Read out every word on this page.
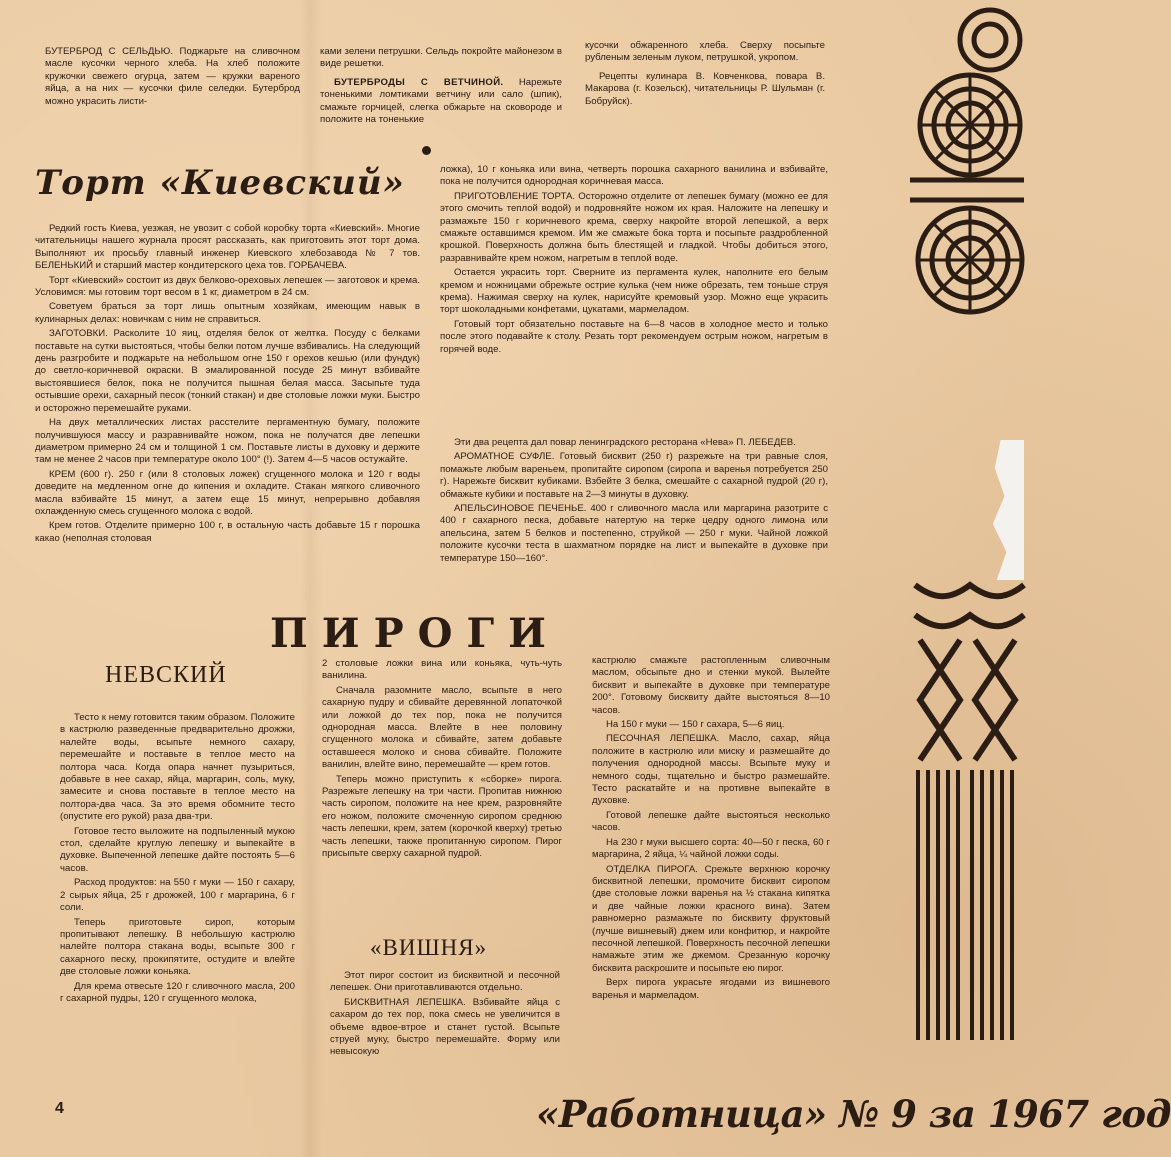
БУТЕРБРОД С СЕЛЬДЬЮ. Поджарьте на сливочном масле кусочки черного хлеба. На хлеб положите кружочки свежего огурца, затем — кружки вареного яйца, а на них — кусочки филе селедки. Бутерброд можно украсить листи-

ками зелени петрушки. Сельдь покройте майонезом в виде решетки.

БУТЕРБРОДЫ С ВЕТЧИНОЙ. Нарежьте тоненькими ломтиками ветчину или сало (шпик), смажьте горчицей, слегка обжарьте на сковороде и положите на тоненькие

кусочки обжаренного хлеба. Сверху посыпьте рубленым зеленым луком, петрушкой, укропом.

Рецепты кулинара В. Ковченкова, повара В. Макарова (г. Козельск), читательницы Р. Шульман (г. Бобруйск).

Торт «Киевский»

Редкий гость Киева, уезжая, не увозит с собой коробку торта «Киевский». Многие читательницы нашего журнала просят рассказать, как приготовить этот торт дома. Выполняют их просьбу главный инженер Киевского хлебозавода № 7 тов. БЕЛЕНЬКИЙ и старший мастер кондитерского цеха тов. ГОРБАЧЕВА.

Торт «Киевский» состоит из двух белково-ореховых лепешек — заготовок и крема. Условимся: мы готовим торт весом в 1 кг, диаметром в 24 см.

Советуем браться за торт лишь опытным хозяйкам, имеющим навык в кулинарных делах: новичкам с ним не справиться.

ЗАГОТОВКИ. Расколите 10 яиц, отделяя белок от желтка. Посуду с белками поставьте на сутки выстояться, чтобы белки потом лучше взбивались. На следующий день разгробите и поджарьте на небольшом огне 150 г орехов кешью (или фундук) до светло-коричневой окраски. В эмалированной посуде 25 минут взбивайте выстоявшиеся белок, пока не получится пышная белая масса. Засыпьте туда остывшие орехи, сахарный песок (тонкий стакан) и две столовые ложки муки. Быстро и осторожно перемешайте руками.

На двух металлических листах расстелите пергаментную бумагу, положите получившуюся массу и разравнивайте ножом, пока не получатся две лепешки диаметром примерно 24 см и толщиной 1 см. Поставьте листы в духовку и держите там не менее 2 часов при температуре около 100° (!). Затем 4—5 часов остужайте.

КРЕМ (600 г). 250 г (или 8 столовых ложек) сгущенного молока и 120 г воды доведите на медленном огне до кипения и охладите. Стакан мягкого сливочного масла взбивайте 15 минут, а затем еще 15 минут, непрерывно добавляя охлажденную смесь сгущенного молока с водой.

Крем готов. Отделите примерно 100 г, в остальную часть добавьте 15 г порошка какао (неполная столовая

ложка), 10 г коньяка или вина, четверть порошка сахарного ванилина и взбивайте, пока не получится однородная коричневая масса.

ПРИГОТОВЛЕНИЕ ТОРТА. Осторожно отделите от лепешек бумагу (можно ее для этого смочить теплой водой) и подровняйте ножом их края. Наложите на лепешку и размажьте 150 г коричневого крема, сверху накройте второй лепешкой, а верх смажьте оставшимся кремом. Им же смажьте бока торта и посыпьте раздробленной крошкой. Поверхность должна быть блестящей и гладкой. Чтобы добиться этого, разравнивайте крем ножом, нагретым в теплой воде.

Остается украсить торт. Сверните из пергамента кулек, наполните его белым кремом и ножницами обрежьте острие кулька (чем ниже обрезать, тем тоньше струя крема). Нажимая сверху на кулек, нарисуйте кремовый узор. Можно еще украсить торт шоколадными конфетами, цукатами, мармеладом.

Готовый торт обязательно поставьте на 6—8 часов в холодное место и только после этого подавайте к столу. Резать торт рекомендуем острым ножом, нагретым в горячей воде.

Эти два рецепта дал повар ленинградского ресторана «Нева» П. ЛЕБЕДЕВ.

АРОМАТНОЕ СУФЛЕ. Готовый бисквит (250 г) разрежьте на три равные слоя, помажьте любым вареньем, пропитайте сиропом (сиропа и варенья потребуется 250 г). Нарежьте бисквит кубиками. Взбейте 3 белка, смешайте с сахарной пудрой (20 г), обмажьте кубики и поставьте на 2—3 минуты в духовку.

АПЕЛЬСИНОВОЕ ПЕЧЕНЬЕ. 400 г сливочного масла или маргарина разотрите с 400 г сахарного песка, добавьте натертую на терке цедру одного лимона или апельсина, затем 5 белков и постепенно, струйкой — 250 г муки. Чайной ложкой положите кусочки теста в шахматном порядке на лист и выпекайте в духовке при температуре 150—160°.

ПИРОГИ
НЕВСКИЙ

Тесто к нему готовится таким образом. Положите в кастрюлю разведенные предварительно дрожжи, налейте воды, всыпьте немного сахару, перемешайте и поставьте в теплое место на полтора часа. Когда опара начнет пузыриться, добавьте в нее сахар, яйца, маргарин, соль, муку, замесите и снова поставьте в теплое место на полтора-два часа. За это время обомните тесто (опустите его рукой) раза два-три.

Готовое тесто выложите на подпыленный мукою стол, сделайте круглую лепешку и выпекайте в духовке. Выпеченной лепешке дайте постоять 5—6 часов.

Расход продуктов: на 550 г муки — 150 г сахару, 2 сырых яйца, 25 г дрожжей, 100 г маргарина, 6 г соли.

Теперь приготовьте сироп, которым пропитывают лепешку. В небольшую кастрюлю налейте полтора стакана воды, всыпьте 300 г сахарного песку, прокипятите, остудите и влейте две столовые ложки коньяка.

Для крема отвесьте 120 г сливочного масла, 200 г сахарной пудры, 120 г сгущенного молока,

2 столовые ложки вина или коньяка, чуть-чуть ванилина.

Сначала разомните масло, всыпьте в него сахарную пудру и сбивайте деревянной лопаточкой или ложкой до тех пор, пока не получится однородная масса. Влейте в нее половину сгущенного молока и сбивайте, затем добавьте оставшееся молоко и снова сбивайте. Положите ванилин, влейте вино, перемешайте — крем готов.

Теперь можно приступить к «сборке» пирога. Разрежьте лепешку на три части. Пропитав нижнюю часть сиропом, положите на нее крем, разровняйте его ножом, положите смоченную сиропом среднюю часть лепешки, крем, затем (корочкой кверху) третью часть лепешки, также пропитанную сиропом. Пирог присыпьте сверху сахарной пудрой.

«ВИШНЯ»

Этот пирог состоит из бисквитной и песочной лепешек. Они приготавливаются отдельно.

БИСКВИТНАЯ ЛЕПЕШКА. Взбивайте яйца с сахаром до тех пор, пока смесь не увеличится в объеме вдвое-втрое и станет густой. Всыпьте струей муку, быстро перемешайте. Форму или невысокую

кастрюлю смажьте растопленным сливочным маслом, обсыпьте дно и стенки мукой. Вылейте бисквит и выпекайте в духовке при температуре 200°. Готовому бисквиту дайте выстояться 8—10 часов.

На 150 г муки — 150 г сахара, 5—6 яиц.

ПЕСОЧНАЯ ЛЕПЕШКА. Масло, сахар, яйца положите в кастрюлю или миску и размешайте до получения однородной массы. Всыпьте муку и немного соды, тщательно и быстро размешайте. Тесто раскатайте и на противне выпекайте в духовке.

Готовой лепешке дайте выстояться несколько часов.

На 230 г муки высшего сорта: 40—50 г песка, 60 г маргарина, 2 яйца, ¼ чайной ложки соды.

ОТДЕЛКА ПИРОГА. Срежьте верхнюю корочку бисквитной лепешки, промочите бисквит сиропом (две столовые ложки варенья на ½ стакана кипятка и две чайные ложки красного вина). Затем равномерно размажьте по бисквиту фруктовый (лучше вишневый) джем или конфитюр, и накройте песочной лепешкой. Поверхность песочной лепешки намажьте этим же джемом. Срезанную корочку бисквита раскрошите и посыпьте ею пирог.

Верх пирога украсьте ягодами из вишневого варенья и мармеладом.

4	«Работница» № 9 за 1967 год
